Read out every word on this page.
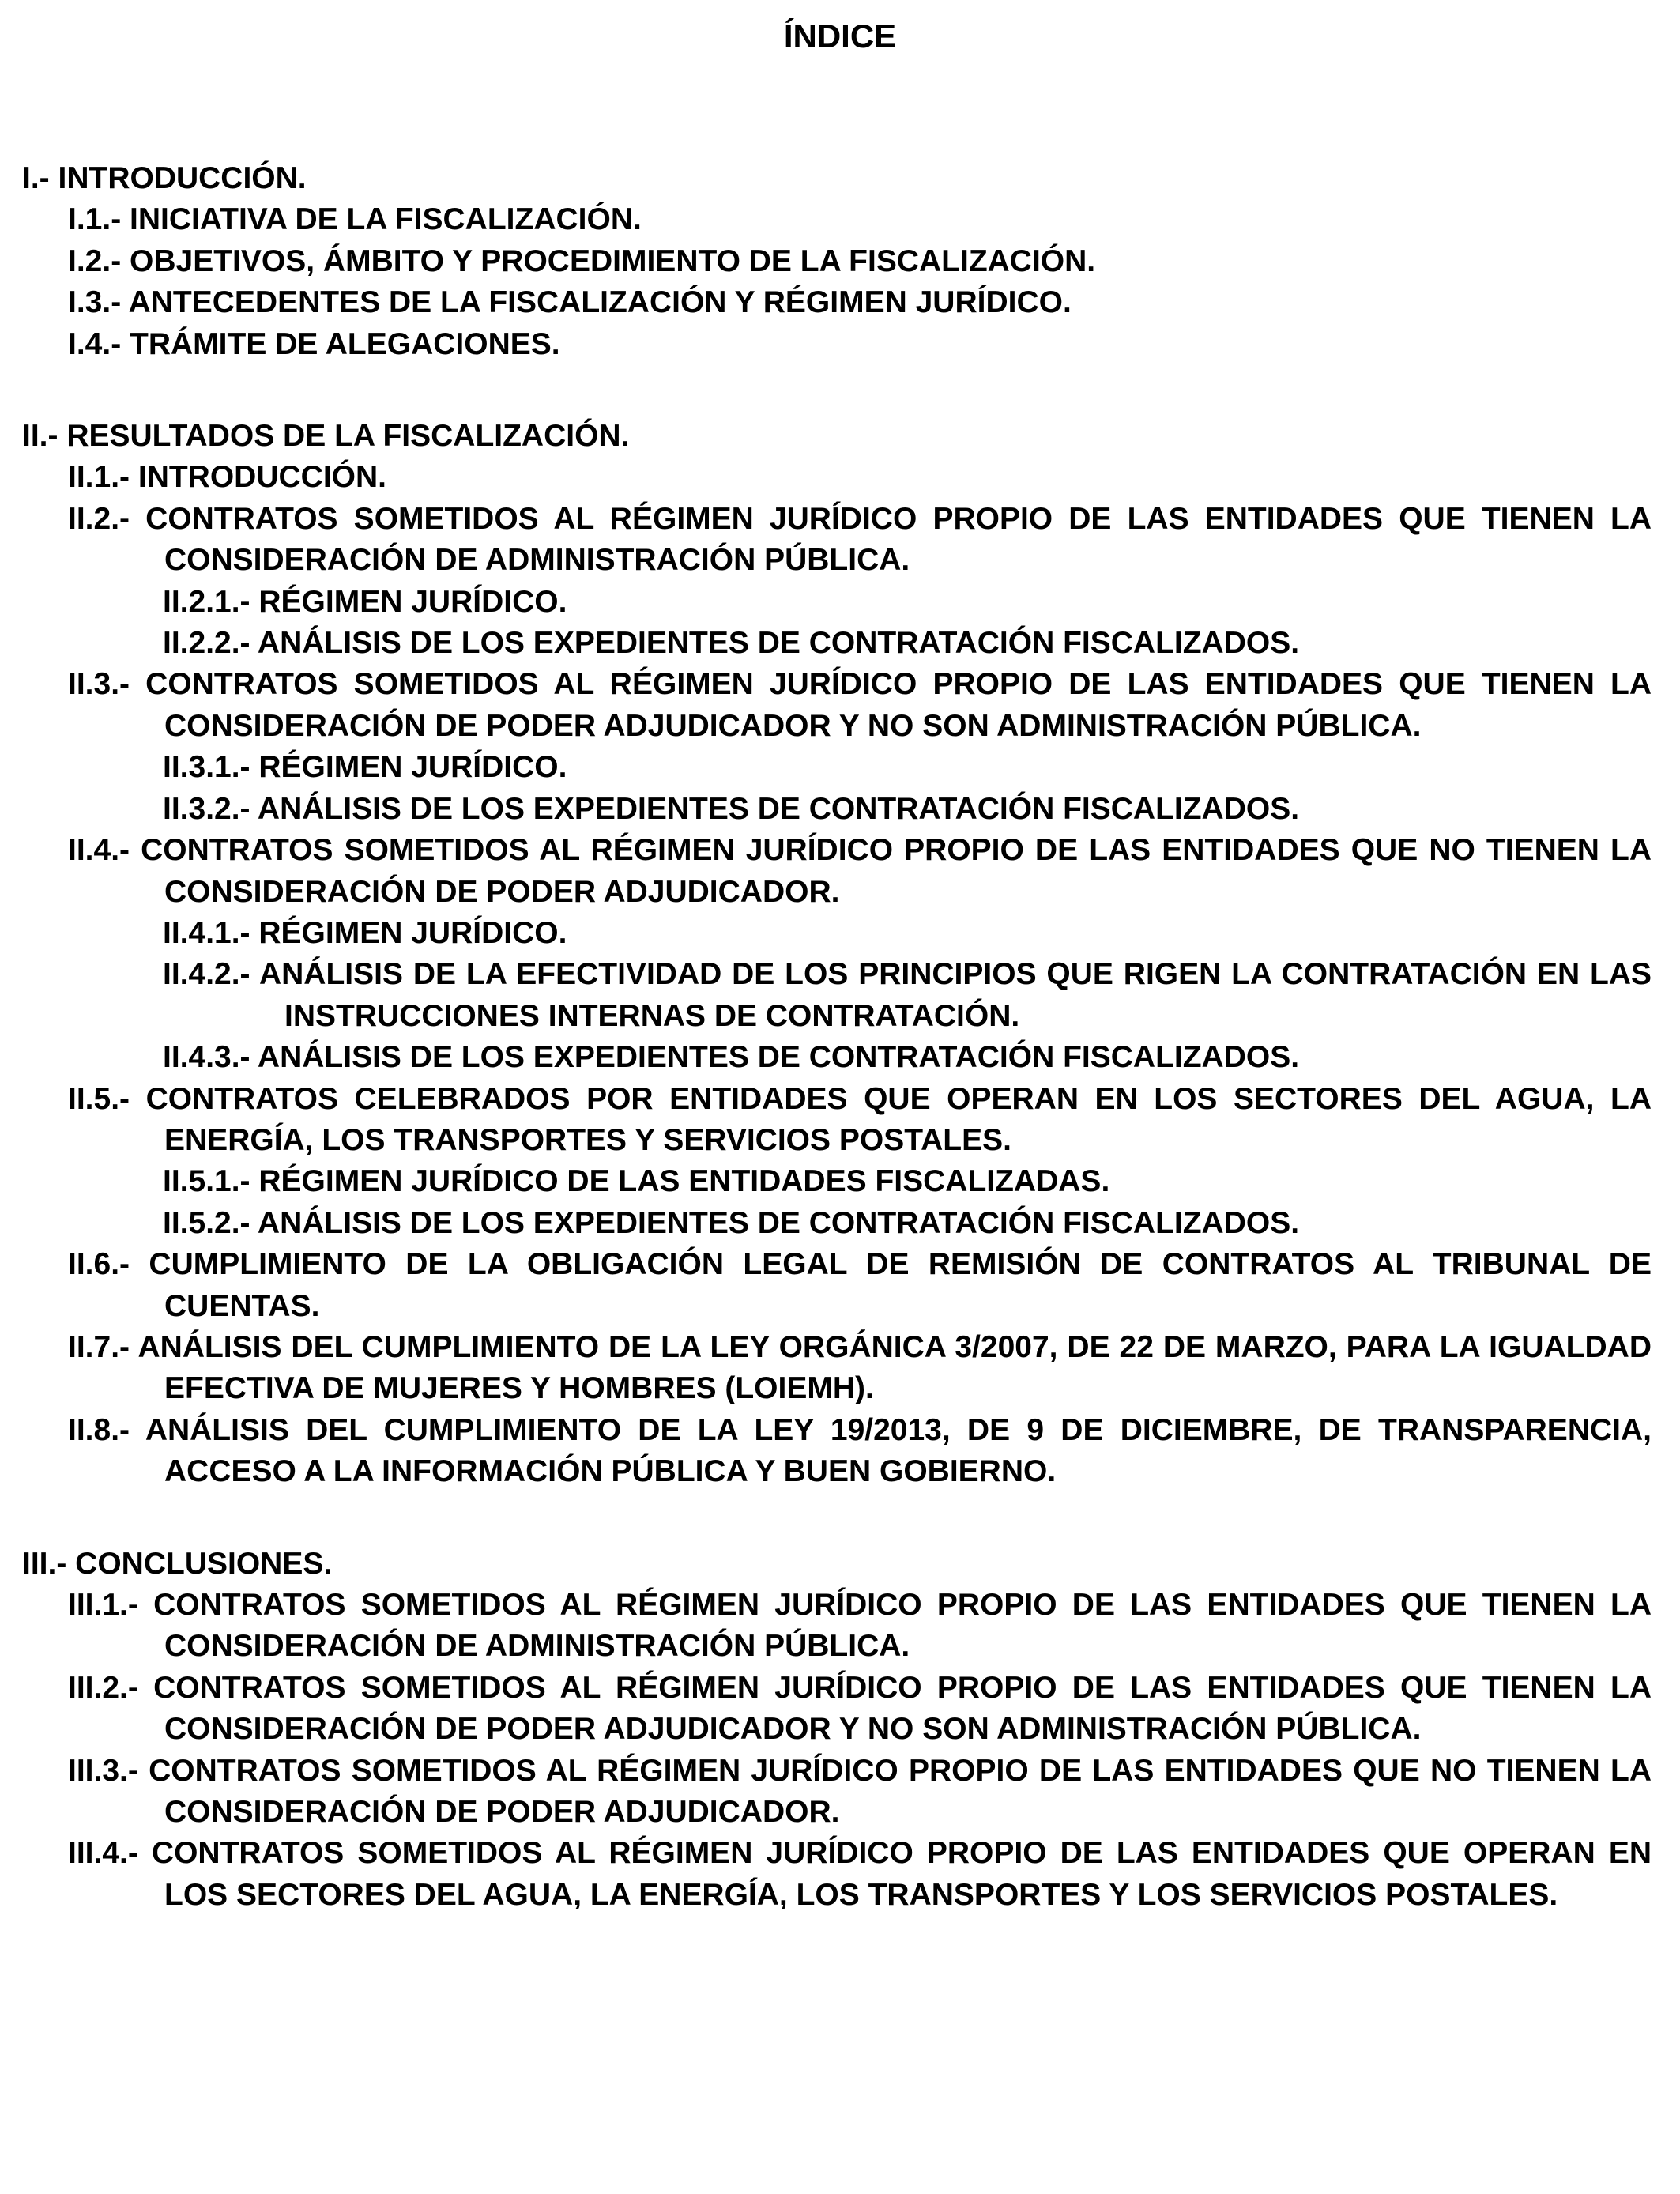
ÍNDICE

I.- INTRODUCCIÓN.

I.1.- INICIATIVA DE LA FISCALIZACIÓN.

I.2.- OBJETIVOS, ÁMBITO Y PROCEDIMIENTO DE LA FISCALIZACIÓN.

I.3.- ANTECEDENTES DE LA FISCALIZACIÓN Y RÉGIMEN JURÍDICO.

I.4.- TRÁMITE DE ALEGACIONES.

II.- RESULTADOS DE LA FISCALIZACIÓN.

II.1.- INTRODUCCIÓN.

II.2.- CONTRATOS SOMETIDOS AL RÉGIMEN JURÍDICO PROPIO DE LAS ENTIDADES QUE TIENEN LA CONSIDERACIÓN DE ADMINISTRACIÓN PÚBLICA.

II.2.1.- RÉGIMEN JURÍDICO.

II.2.2.- ANÁLISIS DE LOS EXPEDIENTES DE CONTRATACIÓN FISCALIZADOS.

II.3.- CONTRATOS SOMETIDOS AL RÉGIMEN JURÍDICO PROPIO DE LAS ENTIDADES QUE TIENEN LA CONSIDERACIÓN DE PODER ADJUDICADOR Y NO SON ADMINISTRACIÓN PÚBLICA.

II.3.1.- RÉGIMEN JURÍDICO.

II.3.2.- ANÁLISIS DE LOS EXPEDIENTES DE CONTRATACIÓN FISCALIZADOS.

II.4.- CONTRATOS SOMETIDOS AL RÉGIMEN JURÍDICO PROPIO DE LAS ENTIDADES QUE NO TIENEN LA CONSIDERACIÓN DE PODER ADJUDICADOR.

II.4.1.- RÉGIMEN JURÍDICO.

II.4.2.- ANÁLISIS DE LA EFECTIVIDAD DE LOS PRINCIPIOS QUE RIGEN LA CONTRATACIÓN EN LAS INSTRUCCIONES INTERNAS DE CONTRATACIÓN.

II.4.3.- ANÁLISIS DE LOS EXPEDIENTES DE CONTRATACIÓN FISCALIZADOS.

II.5.- CONTRATOS CELEBRADOS POR ENTIDADES QUE OPERAN EN LOS SECTORES DEL AGUA, LA ENERGÍA, LOS TRANSPORTES Y SERVICIOS POSTALES.

II.5.1.- RÉGIMEN JURÍDICO DE LAS ENTIDADES FISCALIZADAS.

II.5.2.- ANÁLISIS DE LOS EXPEDIENTES DE CONTRATACIÓN FISCALIZADOS.

II.6.- CUMPLIMIENTO DE LA OBLIGACIÓN LEGAL DE REMISIÓN DE CONTRATOS AL TRIBUNAL DE CUENTAS.

II.7.- ANÁLISIS DEL CUMPLIMIENTO DE LA LEY ORGÁNICA 3/2007, DE 22 DE MARZO, PARA LA IGUALDAD EFECTIVA DE MUJERES Y HOMBRES (LOIEMH).

II.8.- ANÁLISIS DEL CUMPLIMIENTO DE LA LEY 19/2013, DE 9 DE DICIEMBRE, DE TRANSPARENCIA, ACCESO A LA INFORMACIÓN PÚBLICA Y BUEN GOBIERNO.

III.- CONCLUSIONES.

III.1.- CONTRATOS SOMETIDOS AL RÉGIMEN JURÍDICO PROPIO DE LAS ENTIDADES QUE TIENEN LA CONSIDERACIÓN DE ADMINISTRACIÓN PÚBLICA.

III.2.- CONTRATOS SOMETIDOS AL RÉGIMEN JURÍDICO PROPIO DE LAS ENTIDADES QUE TIENEN LA CONSIDERACIÓN DE PODER ADJUDICADOR Y NO SON ADMINISTRACIÓN PÚBLICA.

III.3.- CONTRATOS SOMETIDOS AL RÉGIMEN JURÍDICO PROPIO DE LAS ENTIDADES QUE NO TIENEN LA CONSIDERACIÓN DE PODER ADJUDICADOR.

III.4.- CONTRATOS SOMETIDOS AL RÉGIMEN JURÍDICO PROPIO DE LAS ENTIDADES QUE OPERAN EN LOS SECTORES DEL AGUA, LA ENERGÍA, LOS TRANSPORTES Y LOS SERVICIOS POSTALES.
